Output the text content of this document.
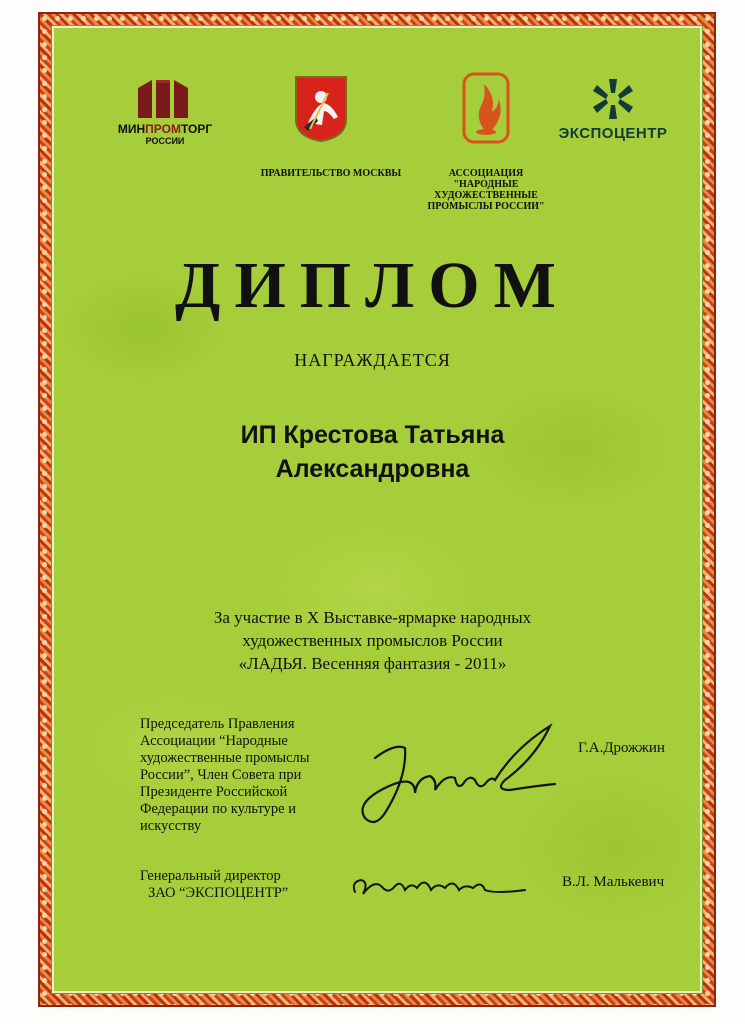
МИНПРОМТОРГ
РОССИИ
ПРАВИТЕЛЬСТВО МОСКВЫ	АССОЦИАЦИЯ
"НАРОДНЫЕ
ХУДОЖЕСТВЕННЫЕ
ПРОМЫСЛЫ РОССИИ"
ЭКСПОЦЕНТР
ДИПЛОМ
НАГРАЖДАЕТСЯ
ИП Крестова Татьяна
Александровна
За участие в X Выставке-ярмарке народных
художественных промыслов России
«ЛАДЬЯ. Весенняя фантазия - 2011»
Председатель Правления
Ассоциации “Народные
художественные промыслы
России”, Член Совета при
Президенте Российской
Федерации по культуре и
искусству
Г.А.Дрожжин
Генеральный директор
ЗАО “ЭКСПОЦЕНТР”
В.Л. Малькевич
